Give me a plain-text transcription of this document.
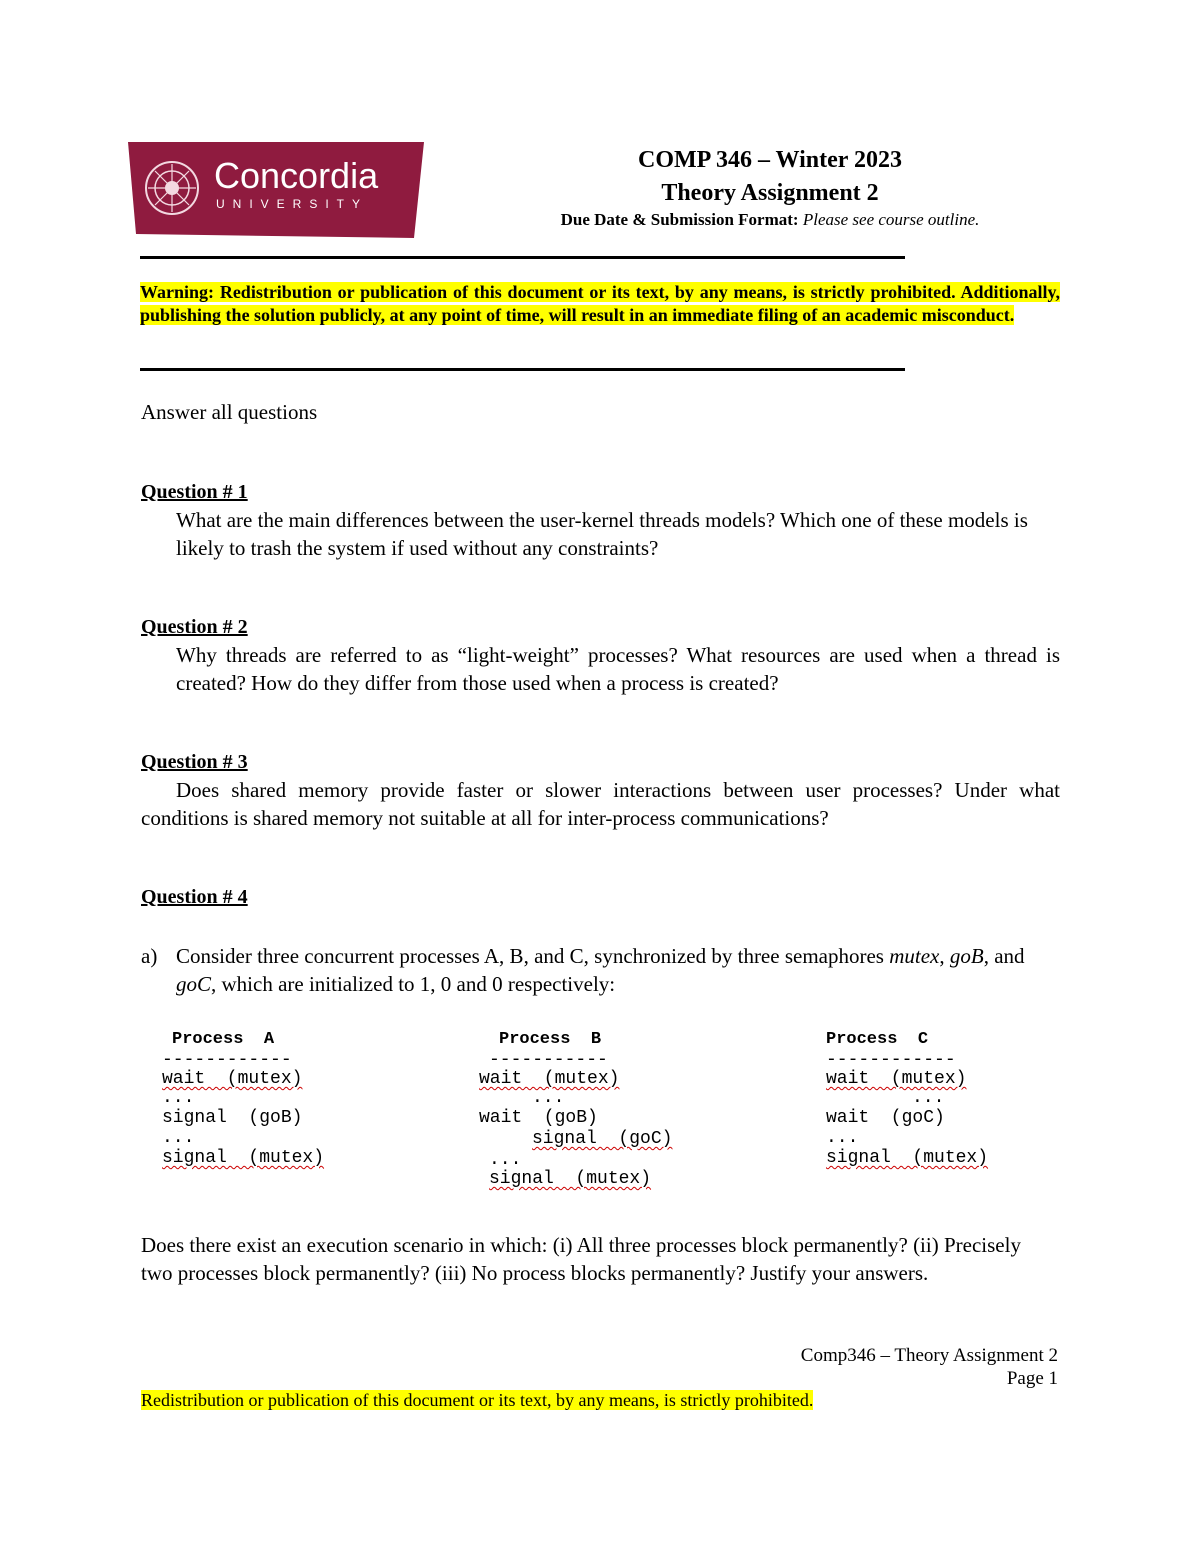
Concordia
UNIVERSITY
COMP 346 – Winter 2023
Theory Assignment 2
Due Date & Submission Format: Please see course outline.
Warning: Redistribution or publication of this document or its text, by any means, is strictly prohibited. Additionally, publishing the solution publicly, at any point of time, will result in an immediate filing of an academic misconduct.
Answer all questions
Question # 1
What are the main differences between the user-kernel threads models? Which one of these models is likely to trash the system if used without any constraints?
Question # 2
Why threads are referred to as “light-weight” processes? What resources are used when a thread is created? How do they differ from those used when a process is created?
Question # 3
Does shared memory provide faster or slower interactions between user processes? Under what conditions is shared memory not suitable at all for inter-process communications?
Question # 4
a) Consider three concurrent processes A, B, and C, synchronized by three semaphores mutex, goB, and goC, which are initialized to 1, 0 and 0 respectively:
Process  A
------------
wait  (mutex)
...
signal  (goB)
...
signal  (mutex)
Process  B
-----------
wait  (mutex)
...
wait  (goB)
signal  (goC)
...
signal  (mutex)
Process  C
------------
wait  (mutex)
...
wait  (goC)
...
signal  (mutex)
Does there exist an execution scenario in which: (i) All three processes block permanently? (ii) Precisely two processes block permanently? (iii) No process blocks permanently? Justify your answers.
Comp346 – Theory Assignment 2
Page 1
Redistribution or publication of this document or its text, by any means, is strictly prohibited.
